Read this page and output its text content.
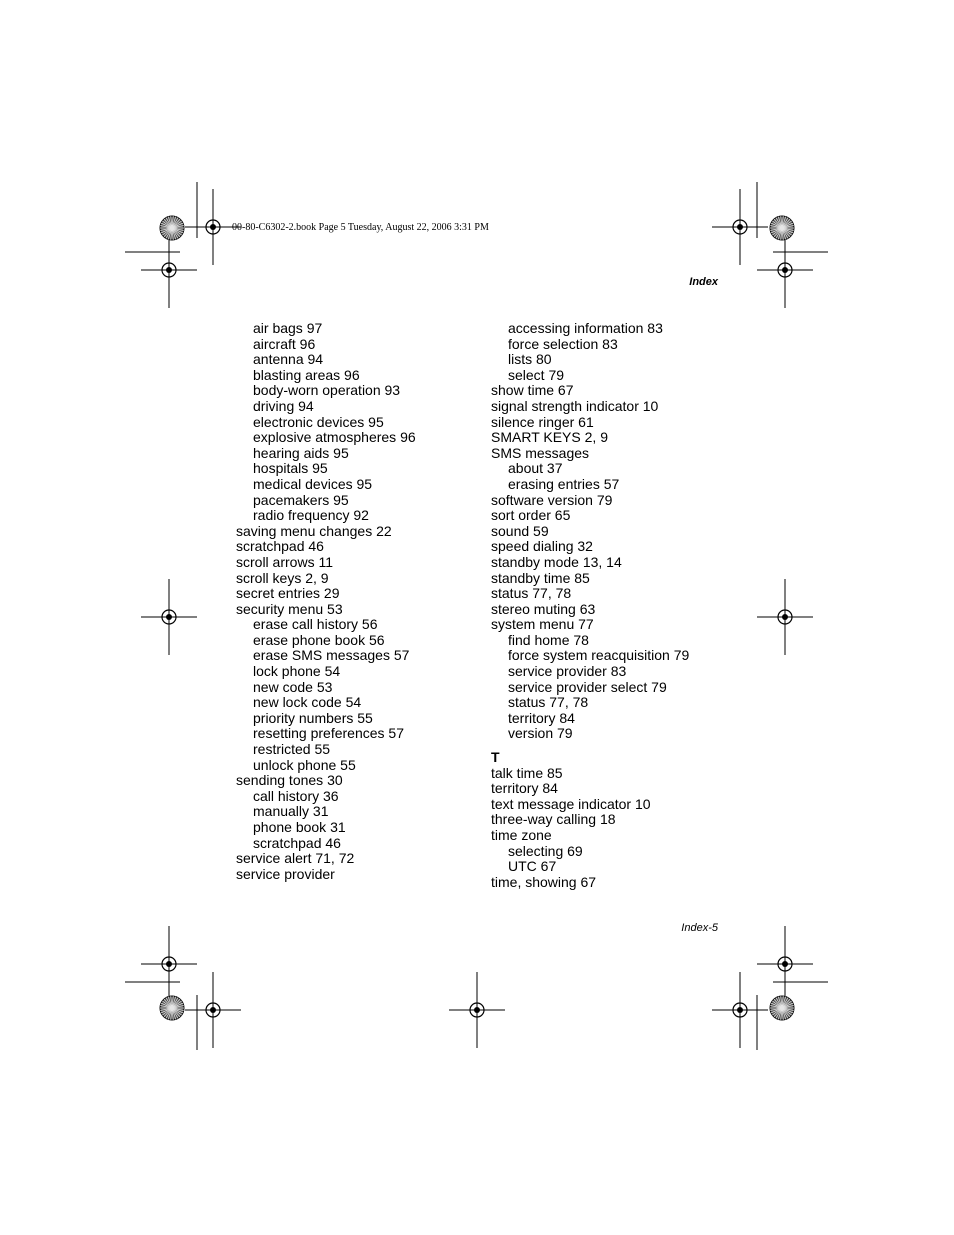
00-80-C6302-2.book Page 5 Tuesday, August 22, 2006 3:31 PM
Index
air bags 97
aircraft 96
antenna 94
blasting areas 96
body-worn operation 93
driving 94
electronic devices 95
explosive atmospheres 96
hearing aids 95
hospitals 95
medical devices 95
pacemakers 95
radio frequency 92
saving menu changes 22
scratchpad 46
scroll arrows 11
scroll keys 2, 9
secret entries 29
security menu 53
erase call history 56
erase phone book 56
erase SMS messages 57
lock phone 54
new code 53
new lock code 54
priority numbers 55
resetting preferences 57
restricted 55
unlock phone 55
sending tones 30
call history 36
manually 31
phone book 31
scratchpad 46
service alert 71, 72
service provider
accessing information 83
force selection 83
lists 80
select 79
show time 67
signal strength indicator 10
silence ringer 61
SMART KEYS 2, 9
SMS messages
about 37
erasing entries 57
software version 79
sort order 65
sound 59
speed dialing 32
standby mode 13, 14
standby time 85
status 77, 78
stereo muting 63
system menu 77
find home 78
force system reacquisition 79
service provider 83
service provider select 79
status 77, 78
territory 84
version 79
T
talk time 85
territory 84
text message indicator 10
three-way calling 18
time zone
selecting 69
UTC 67
time, showing 67
Index-5
